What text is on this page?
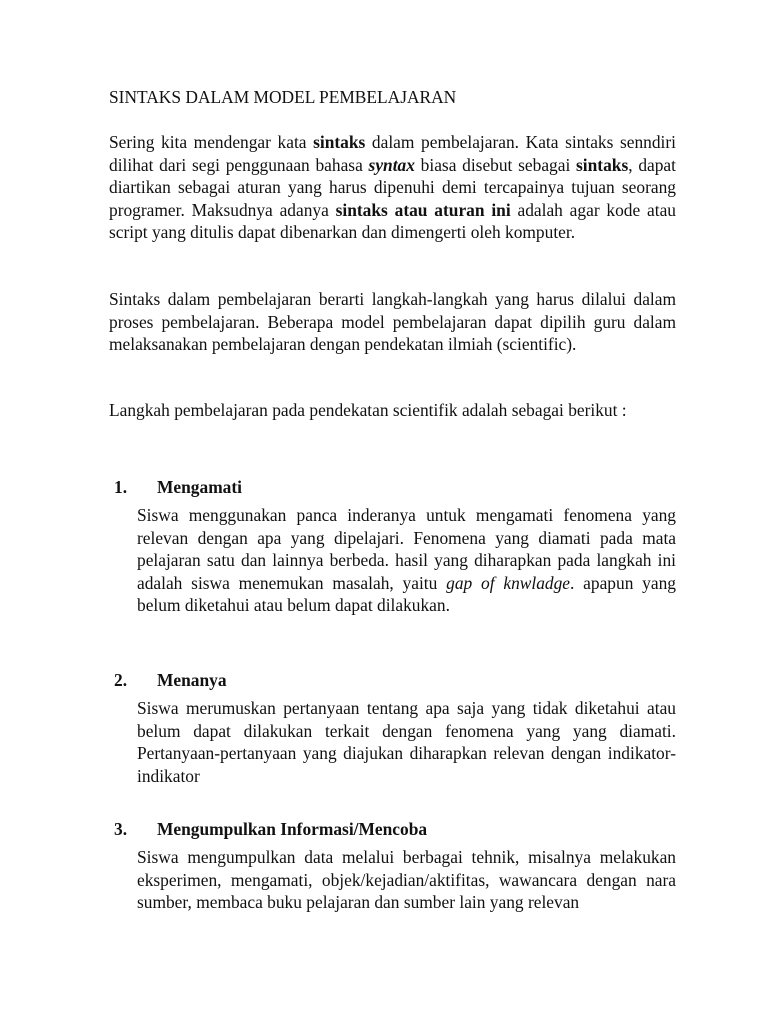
SINTAKS DALAM MODEL PEMBELAJARAN

Sering kita mendengar kata sintaks dalam pembelajaran. Kata sintaks senndiri dilihat dari segi penggunaan bahasa syntax biasa disebut sebagai sintaks, dapat diartikan sebagai aturan yang harus dipenuhi demi tercapainya tujuan seorang programer. Maksudnya adanya sintaks atau aturan ini adalah agar kode atau script yang ditulis dapat dibenarkan dan dimengerti oleh komputer.

Sintaks dalam pembelajaran berarti langkah-langkah yang harus dilalui dalam proses pembelajaran. Beberapa model pembelajaran dapat dipilih guru dalam melaksanakan pembelajaran dengan pendekatan ilmiah (scientific).

Langkah pembelajaran pada pendekatan scientifik adalah sebagai berikut :

1. Mengamati

Siswa menggunakan panca inderanya untuk mengamati fenomena yang relevan dengan apa yang dipelajari. Fenomena yang diamati pada mata pelajaran satu dan lainnya berbeda. hasil yang diharapkan pada langkah ini adalah siswa menemukan masalah, yaitu gap of knwladge. apapun yang belum diketahui atau belum dapat dilakukan.

2. Menanya

Siswa merumuskan pertanyaan tentang apa saja yang tidak diketahui atau belum dapat dilakukan terkait dengan fenomena yang yang diamati. Pertanyaan-pertanyaan yang diajukan diharapkan relevan dengan indikator-indikator

3. Mengumpulkan Informasi/Mencoba

Siswa mengumpulkan data melalui berbagai tehnik, misalnya melakukan eksperimen, mengamati, objek/kejadian/aktifitas, wawancara dengan nara sumber, membaca buku pelajaran dan sumber lain yang relevan
